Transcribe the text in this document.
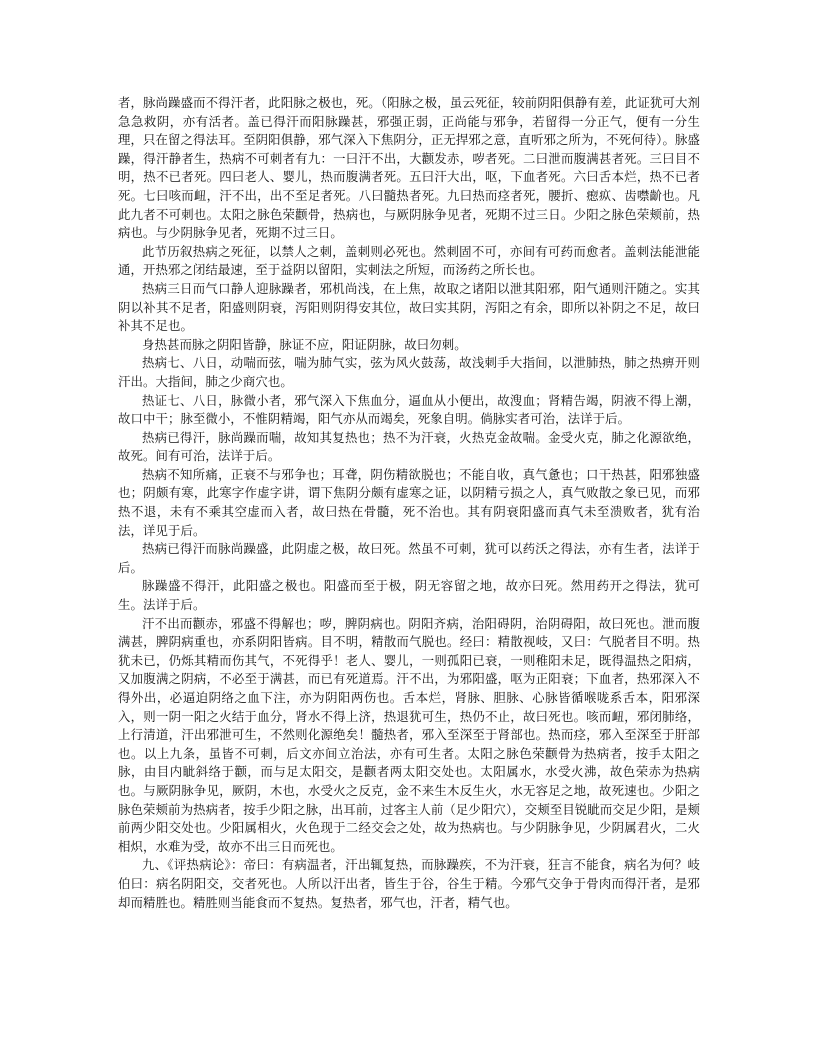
者，脉尚躁盛而不得汗者，此阳脉之极也，死。（阳脉之极，虽云死征，较前阴阳俱静有差，此证犹可大剂急急救阴，亦有活者。盖已得汗而阳脉躁甚，邪强正弱，正尚能与邪争，若留得一分正气，便有一分生理，只在留之得法耳。至阴阳俱静，邪气深入下焦阴分，正无捍邪之意，直听邪之所为，不死何待）。脉盛躁，得汗静者生，热病不可刺者有九：一曰汗不出，大颧发赤，哕者死。二曰泄而腹满甚者死。三曰目不明，热不已者死。四曰老人、婴儿，热而腹满者死。五曰汗大出，呕，下血者死。六曰舌本烂，热不已者死。七曰咳而衄，汗不出，出不至足者死。八曰髓热者死。九曰热而痉者死，腰折、瘛疭、齿噤齘也。凡此九者不可刺也。太阳之脉色荣颧骨，热病也，与厥阴脉争见者，死期不过三日。少阳之脉色荣颊前，热病也。与少阴脉争见者，死期不过三日。

此节历叙热病之死征，以禁人之刺，盖刺则必死也。然刺固不可，亦间有可药而愈者。盖刺法能泄能通，开热邪之闭结最速，至于益阴以留阳，实刺法之所短，而汤药之所长也。

热病三日而气口静人迎脉躁者，邪机尚浅，在上焦，故取之诸阳以泄其阳邪，阳气通则汗随之。实其阴以补其不足者，阳盛则阴衰，泻阳则阴得安其位，故曰实其阴，泻阳之有余，即所以补阴之不足，故曰补其不足也。

身热甚而脉之阴阳皆静，脉证不应，阳证阴脉，故曰勿刺。

热病七、八日，动喘而弦，喘为肺气实，弦为风火鼓荡，故浅刺手大指间，以泄肺热，肺之热痹开则汗出。大指间，肺之少商穴也。

热证七、八日，脉微小者，邪气深入下焦血分，逼血从小便出，故溲血；肾精告竭，阴液不得上潮，故口中干；脉至微小，不惟阴精竭，阳气亦从而竭矣，死象自明。倘脉实者可治，法详于后。

热病已得汗，脉尚躁而喘，故知其复热也；热不为汗衰，火热克金故喘。金受火克，肺之化源欲绝，故死。间有可治，法详于后。

热病不知所痛，正衰不与邪争也；耳聋，阴伤精欲脱也；不能自收，真气惫也；口干热甚，阳邪独盛也；阴颇有寒，此寒字作虚字讲，谓下焦阴分颇有虚寒之证，以阴精亏损之人，真气败散之象已见，而邪热不退，未有不乘其空虚而入者，故曰热在骨髓，死不治也。其有阴衰阳盛而真气未至溃败者，犹有治法，详见于后。

热病已得汗而脉尚躁盛，此阴虚之极，故曰死。然虽不可刺，犹可以药沃之得法，亦有生者，法详于后。

脉躁盛不得汗，此阳盛之极也。阳盛而至于极，阴无容留之地，故亦曰死。然用药开之得法，犹可生。法详于后。

汗不出而颧赤，邪盛不得解也；哕，脾阴病也。阴阳齐病，治阳碍阴，治阴碍阳，故曰死也。泄而腹满甚，脾阴病重也，亦系阴阳皆病。目不明，精散而气脱也。经曰：精散视岐，又曰：气脱者目不明。热犹未已，仍烁其精而伤其气，不死得乎！老人、婴儿，一则孤阳已衰，一则稚阳未足，既得温热之阳病，又加腹满之阴病，不必至于满甚，而已有死道焉。汗不出，为邪阳盛，呕为正阳衰；下血者，热邪深入不得外出，必逼迫阴络之血下注，亦为阴阳两伤也。舌本烂，肾脉、胆脉、心脉皆循喉咙系舌本，阳邪深入，则一阴一阳之火结于血分，肾水不得上济，热退犹可生，热仍不止，故曰死也。咳而衄，邪闭肺络，上行清道，汗出邪泄可生，不然则化源绝矣！髓热者，邪入至深至于肾部也。热而痉，邪入至深至于肝部也。以上九条，虽皆不可刺，后文亦间立治法，亦有可生者。太阳之脉色荣颧骨为热病者，按手太阳之脉，由目内眦斜络于颧，而与足太阳交，是颧者两太阳交处也。太阳属水，水受火沸，故色荣赤为热病也。与厥阴脉争见，厥阴，木也，水受火之反克，金不来生木反生火，水无容足之地，故死速也。少阳之脉色荣颊前为热病者，按手少阳之脉，出耳前，过客主人前（足少阳穴），交颊至目锐眦而交足少阳，是颊前两少阳交处也。少阳属相火，火色现于二经交会之处，故为热病也。与少阴脉争见，少阴属君火，二火相炽，水难为受，故亦不出三日而死也。

九、《评热病论》：帝曰：有病温者，汗出辄复热，而脉躁疾，不为汗衰，狂言不能食，病名为何？岐伯曰：病名阴阳交，交者死也。人所以汗出者，皆生于谷，谷生于精。今邪气交争于骨肉而得汗者，是邪却而精胜也。精胜则当能食而不复热。复热者，邪气也，汗者，精气也。
